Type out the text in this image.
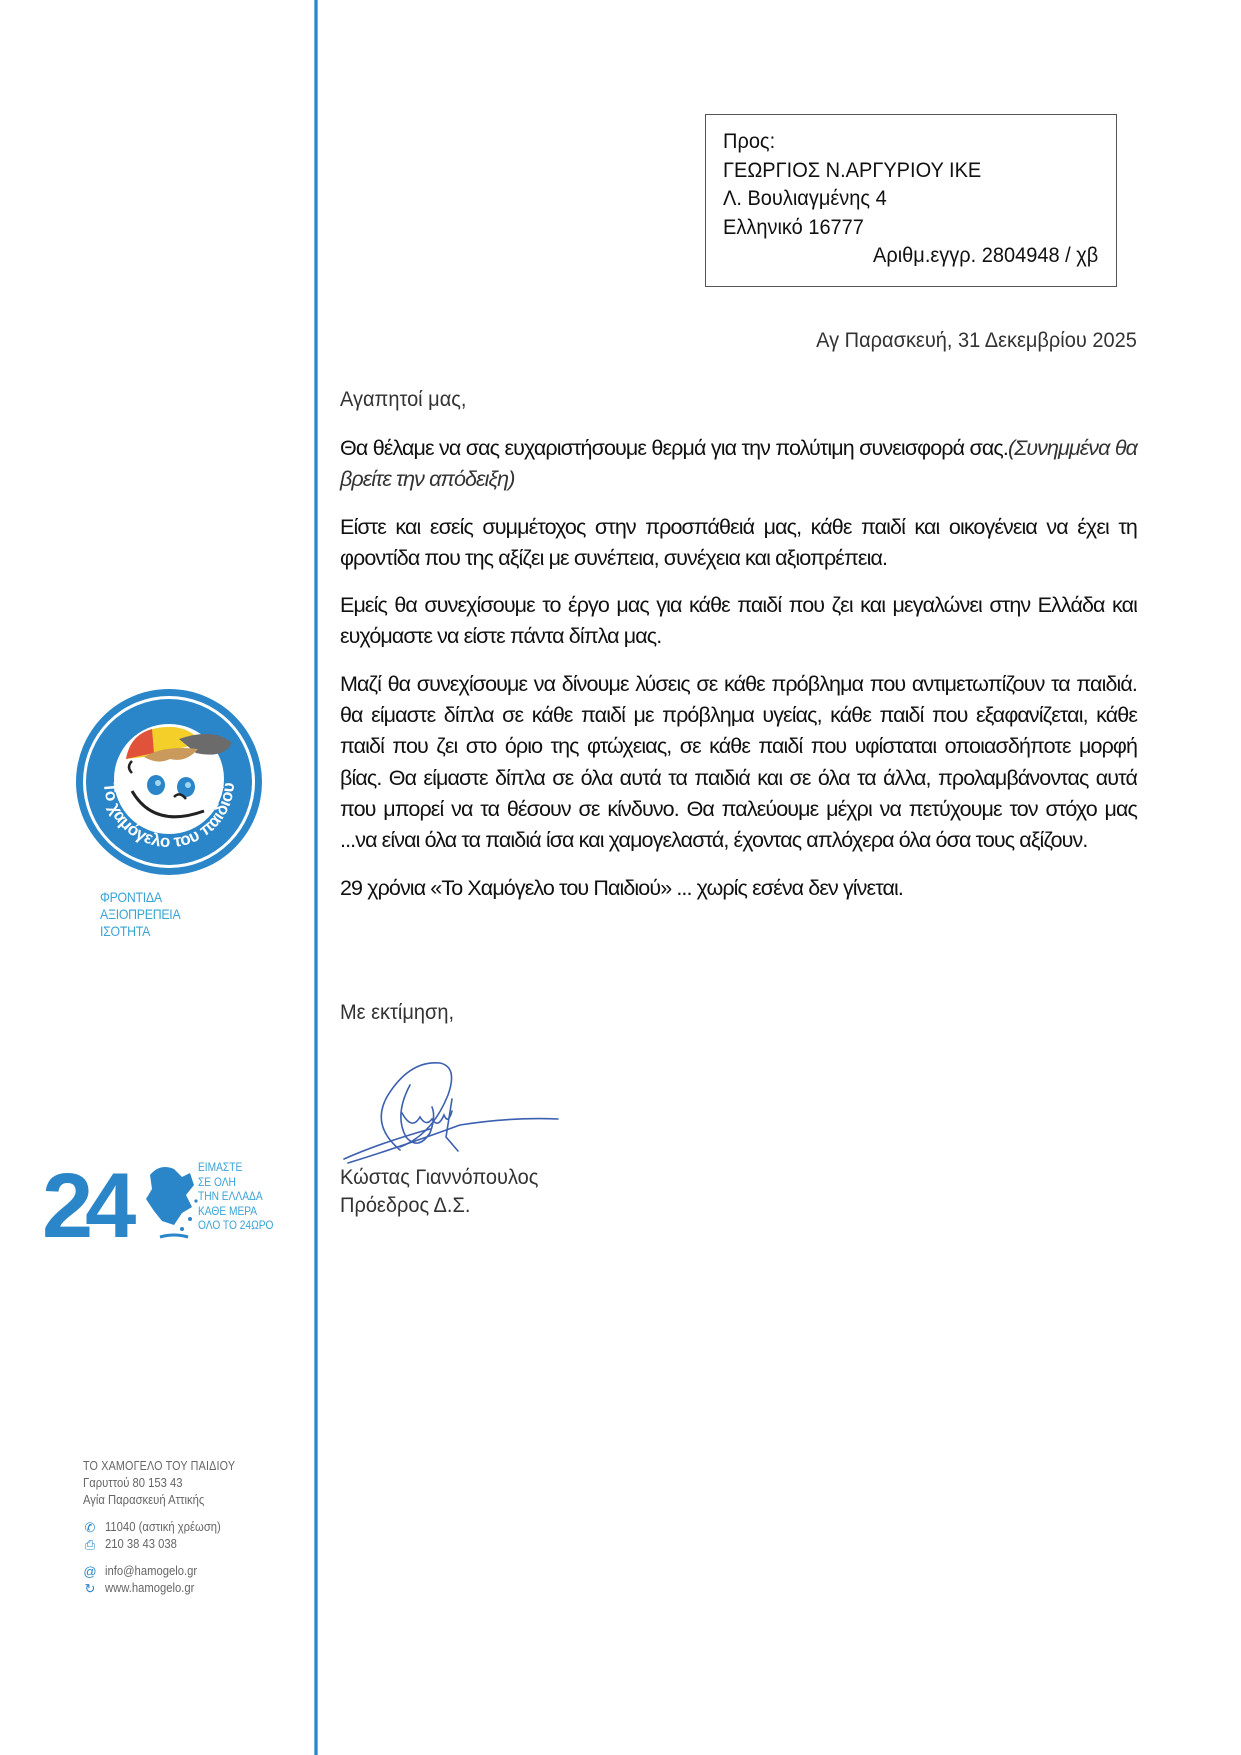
Το χαμόγελο του παιδιού
ΦΡΟΝΤΙΔΑ
ΑΞΙΟΠΡΕΠΕΙΑ
ΙΣΟΤΗΤΑ
24	ΕΙΜΑΣΤΕ
ΣΕ ΟΛΗ
ΤΗΝ ΕΛΛΑΔΑ
ΚΑΘΕ ΜΕΡΑ
ΟΛΟ ΤΟ 24ΩΡΟ
ΤΟ ΧΑΜΟΓΕΛΟ ΤΟΥ ΠΑΙΔΙΟΥ
Γαρυττού 80 153 43
Αγία Παρασκευή Αττικής
✆ 11040 (αστική χρέωση)
⎙ 210 38 43 038
@ info@hamogelo.gr
↻ www.hamogelo.gr
Προς:
ΓΕΩΡΓΙΟΣ Ν.ΑΡΓΥΡΙΟΥ ΙΚΕ
Λ. Βουλιαγμένης 4
Ελληνικό 16777
Αριθμ.εγγρ. 2804948 / χβ
Αγ Παρασκευή, 31 Δεκεμβρίου 2025
Αγαπητοί μας,

Θα θέλαμε να σας ευχαριστήσουμε θερμά για την πολύτιμη συνεισφορά σας.(Συνημμένα θα βρείτε την απόδειξη)

Είστε και εσείς συμμέτοχος στην προσπάθειά μας, κάθε παιδί και οικογένεια να έχει τη φροντίδα που της αξίζει με συνέπεια, συνέχεια και αξιοπρέπεια.

Εμείς θα συνεχίσουμε το έργο μας για κάθε παιδί που ζει και μεγαλώνει στην Ελλάδα και ευχόμαστε να είστε πάντα δίπλα μας.

Μαζί θα συνεχίσουμε να δίνουμε λύσεις σε κάθε πρόβλημα που αντιμετωπίζουν τα παιδιά. θα είμαστε δίπλα σε κάθε παιδί με πρόβλημα υγείας, κάθε παιδί που εξαφανίζεται, κάθε παιδί που ζει στο όριο της φτώχειας, σε κάθε παιδί που υφίσταται οποιασδήποτε μορφή βίας. Θα είμαστε δίπλα σε όλα αυτά τα παιδιά και σε όλα τα άλλα, προλαμβάνοντας αυτά που μπορεί να τα θέσουν σε κίνδυνο. Θα παλεύουμε μέχρι να πετύχουμε τον στόχο μας ...να είναι όλα τα παιδιά ίσα και χαμογελαστά, έχοντας απλόχερα όλα όσα τους αξίζουν.

29 χρόνια «Το Χαμόγελο του Παιδιού» ... χωρίς εσένα δεν γίνεται.

Με εκτίμηση,
Κώστας Γιαννόπουλος
Πρόεδρος Δ.Σ.
